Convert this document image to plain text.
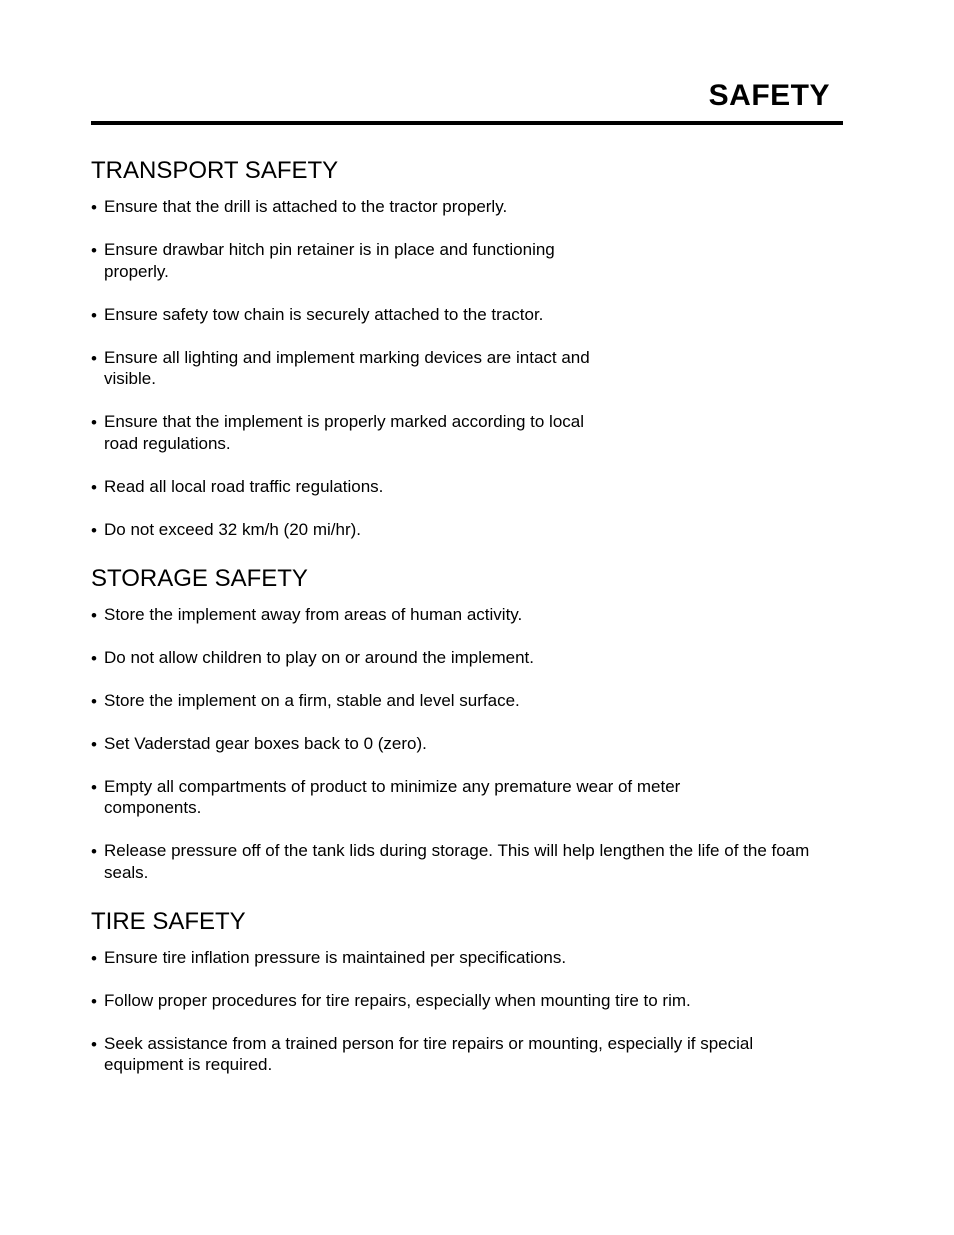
SAFETY
TRANSPORT SAFETY
• Ensure that the drill is attached to the tractor properly.
• Ensure drawbar hitch pin retainer is in place and functioning properly.
• Ensure safety tow chain is securely attached to the tractor.
• Ensure all lighting and implement marking devices are intact and visible.
• Ensure that the implement is properly marked according to local road regulations.
• Read all local road traffic regulations.
• Do not exceed 32 km/h (20 mi/hr).
STORAGE SAFETY
• Store the implement away from areas of human activity.
• Do not allow children to play on or around the implement.
• Store the implement on a firm, stable and level surface.
• Set Vaderstad gear boxes back to 0 (zero).
• Empty all compartments of product to minimize any premature wear of meter components.
• Release pressure off of the tank lids during storage. This will help lengthen the life of the foam seals.
TIRE SAFETY
• Ensure tire inflation pressure is maintained per specifications.
• Follow proper procedures for tire repairs, especially when mounting tire to rim.
• Seek assistance from a trained person for tire repairs or mounting, especially if special equipment is required.
